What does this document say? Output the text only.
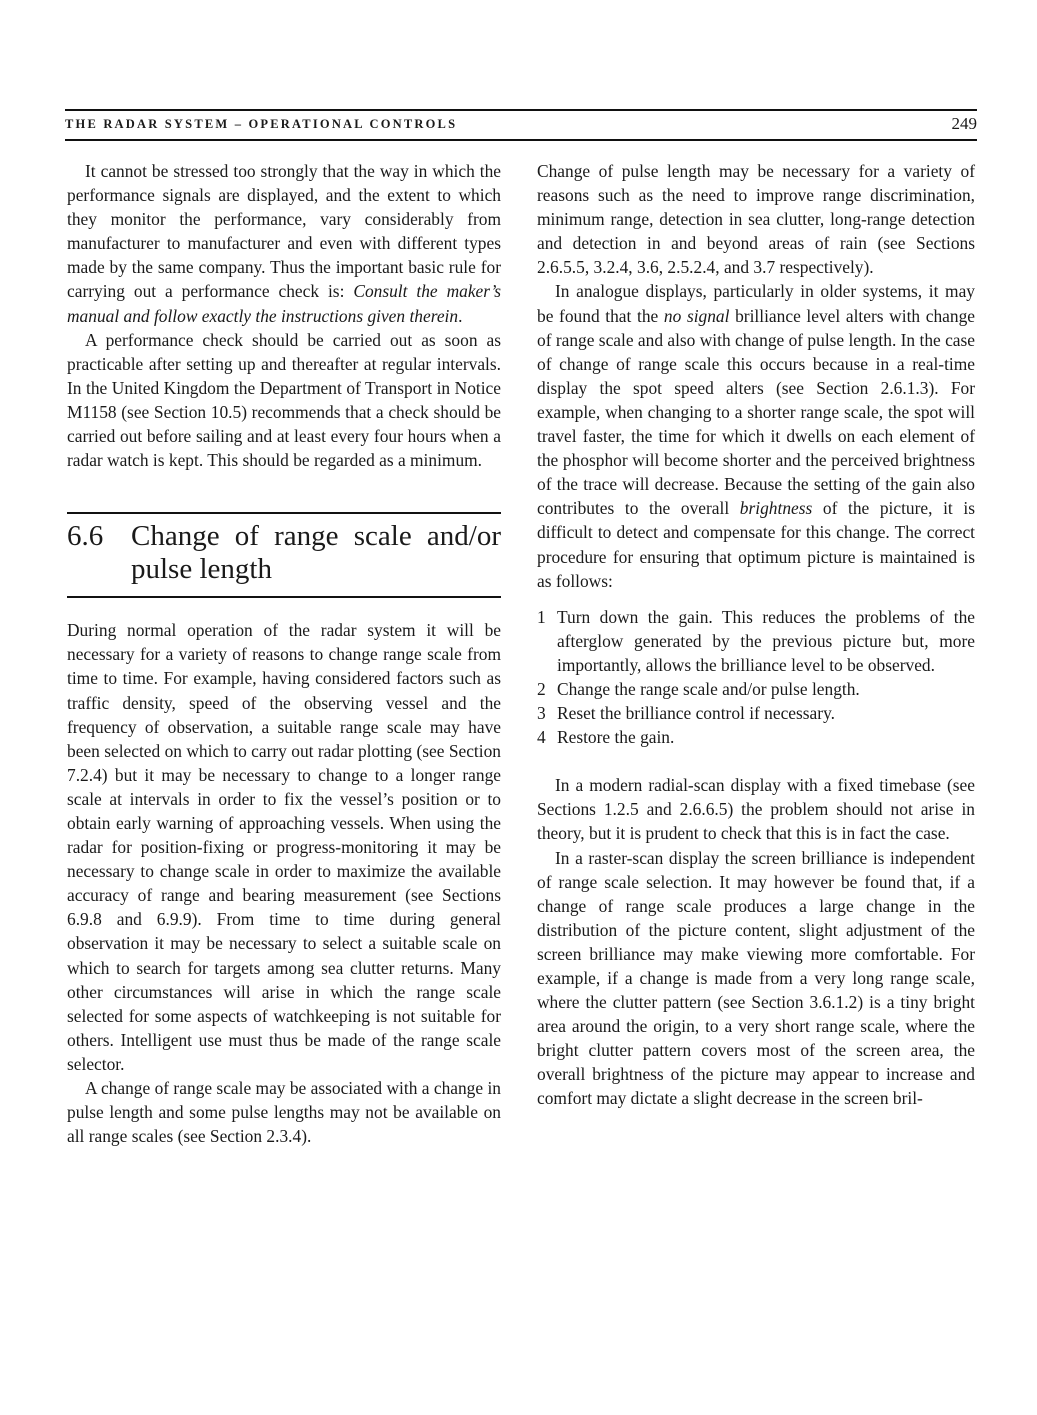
THE RADAR SYSTEM – OPERATIONAL CONTROLS	249

It cannot be stressed too strongly that the way in which the performance signals are displayed, and the extent to which they monitor the performance, vary considerably from manufacturer to manufacturer and even with different types made by the same company. Thus the important basic rule for carrying out a performance check is: Consult the maker’s manual and follow exactly the instructions given therein.

A performance check should be carried out as soon as practicable after setting up and thereafter at regular intervals. In the United Kingdom the Department of Transport in Notice M1158 (see Section 10.5) recommends that a check should be carried out before sailing and at least every four hours when a radar watch is kept. This should be regarded as a minimum.

6.6 Change of range scale and/or pulse length

During normal operation of the radar system it will be necessary for a variety of reasons to change range scale from time to time. For example, having considered factors such as traffic density, speed of the observing vessel and the frequency of observation, a suitable range scale may have been selected on which to carry out radar plotting (see Section 7.2.4) but it may be necessary to change to a longer range scale at intervals in order to fix the vessel’s position or to obtain early warning of approaching vessels. When using the radar for position-fixing or progress-monitoring it may be necessary to change scale in order to maximize the available accuracy of range and bearing measurement (see Sections 6.9.8 and 6.9.9). From time to time during general observation it may be necessary to select a suitable scale on which to search for targets among sea clutter returns. Many other circumstances will arise in which the range scale selected for some aspects of watchkeeping is not suitable for others. Intelligent use must thus be made of the range scale selector.

A change of range scale may be associated with a change in pulse length and some pulse lengths may not be available on all range scales (see Section 2.3.4).

Change of pulse length may be necessary for a variety of reasons such as the need to improve range discrimination, minimum range, detection in sea clutter, long-range detection and detection in and beyond areas of rain (see Sections 2.6.5.5, 3.2.4, 3.6, 2.5.2.4, and 3.7 respectively).

In analogue displays, particularly in older systems, it may be found that the no signal brilliance level alters with change of range scale and also with change of pulse length. In the case of change of range scale this occurs because in a real-time display the spot speed alters (see Section 2.6.1.3). For example, when changing to a shorter range scale, the spot will travel faster, the time for which it dwells on each element of the phosphor will become shorter and the perceived brightness of the trace will decrease. Because the setting of the gain also contributes to the overall brightness of the picture, it is difficult to detect and compensate for this change. The correct procedure for ensuring that optimum picture is maintained is as follows:

1 Turn down the gain. This reduces the problems of the afterglow generated by the previous picture but, more importantly, allows the brilliance level to be observed.
2 Change the range scale and/or pulse length.
3 Reset the brilliance control if necessary.
4 Restore the gain.

In a modern radial-scan display with a fixed timebase (see Sections 1.2.5 and 2.6.6.5) the problem should not arise in theory, but it is prudent to check that this is in fact the case.

In a raster-scan display the screen brilliance is independent of range scale selection. It may however be found that, if a change of range scale produces a large change in the distribution of the picture content, slight adjustment of the screen brilliance may make viewing more comfortable. For example, if a change is made from a very long range scale, where the clutter pattern (see Section 3.6.1.2) is a tiny bright area around the origin, to a very short range scale, where the bright clutter pattern covers most of the screen area, the overall brightness of the picture may appear to increase and comfort may dictate a slight decrease in the screen bril-
